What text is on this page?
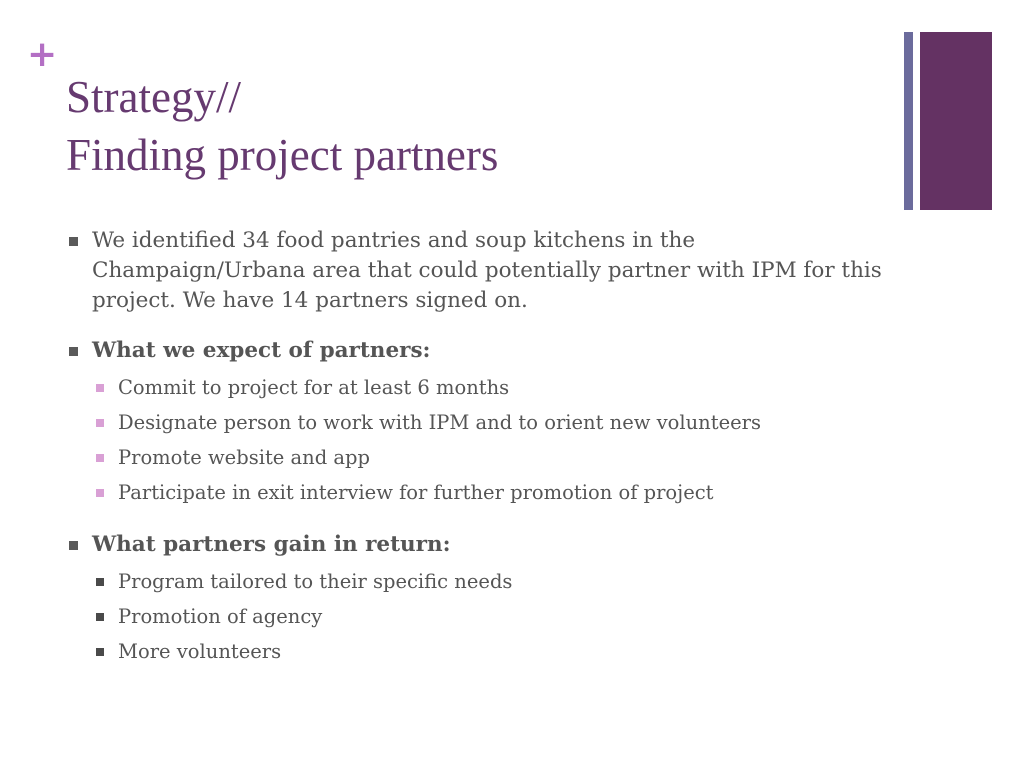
+
Strategy//
Finding project partners
We identified 34 food pantries and soup kitchens in the Champaign/Urbana area that could potentially partner with IPM for this project. We have 14 partners signed on.
What we expect of partners:
Commit to project for at least 6 months
Designate person to work with IPM and to orient new volunteers
Promote website and app
Participate in exit interview for further promotion of project
What partners gain in return:
Program tailored to their specific needs
Promotion of agency
More volunteers
